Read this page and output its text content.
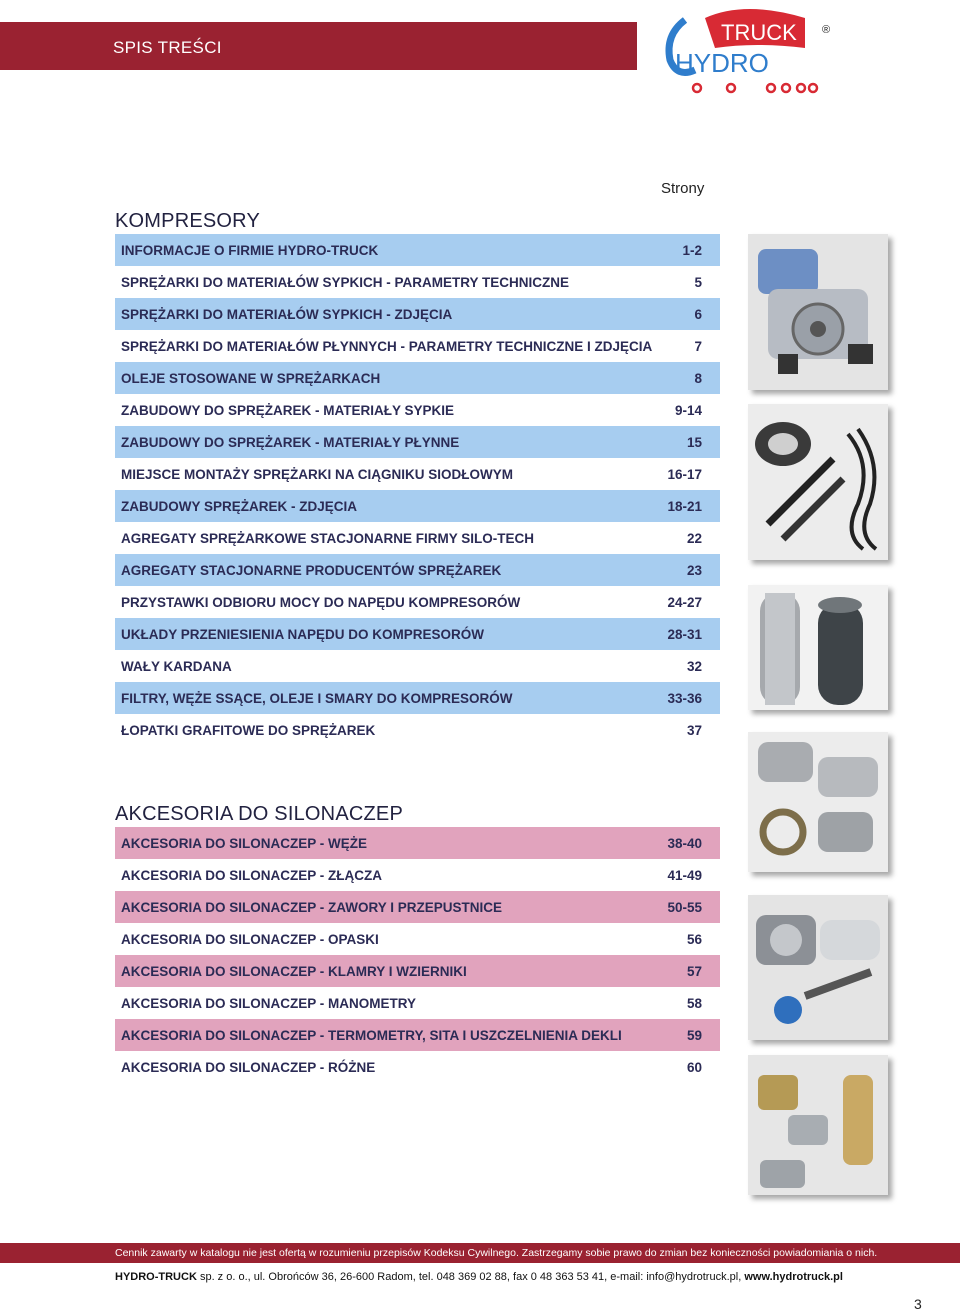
SPIS TREŚCI
TRUCK ®
HYDRO
Strony
KOMPRESORY
INFORMACJE O FIRMIE HYDRO-TRUCK	1-2
SPRĘŻARKI DO MATERIAŁÓW SYPKICH - PARAMETRY TECHNICZNE	5
SPRĘŻARKI DO MATERIAŁÓW SYPKICH - ZDJĘCIA	6
SPRĘŻARKI DO MATERIAŁÓW PŁYNNYCH - PARAMETRY TECHNICZNE I ZDJĘCIA	7
OLEJE STOSOWANE W SPRĘŻARKACH	8
ZABUDOWY DO SPRĘŻAREK - MATERIAŁY SYPKIE	9-14
ZABUDOWY DO SPRĘŻAREK - MATERIAŁY PŁYNNE	15
MIEJSCE MONTAŻY SPRĘŻARKI NA CIĄGNIKU SIODŁOWYM	16-17
ZABUDOWY SPRĘŻAREK - ZDJĘCIA	18-21
AGREGATY SPRĘŻARKOWE STACJONARNE FIRMY SILO-TECH	22
AGREGATY STACJONARNE PRODUCENTÓW SPRĘŻAREK	23
PRZYSTAWKI ODBIORU MOCY DO NAPĘDU KOMPRESORÓW	24-27
UKŁADY PRZENIESIENIA NAPĘDU DO KOMPRESORÓW	28-31
WAŁY KARDANA	32
FILTRY, WĘŻE SSĄCE, OLEJE I SMARY DO KOMPRESORÓW	33-36
ŁOPATKI GRAFITOWE DO SPRĘŻAREK	37
AKCESORIA DO SILONACZEP
AKCESORIA DO SILONACZEP - WĘŻE	38-40
AKCESORIA DO SILONACZEP - ZŁĄCZA	41-49
AKCESORIA DO SILONACZEP - ZAWORY I PRZEPUSTNICE	50-55
AKCESORIA DO SILONACZEP - OPASKI	56
AKCESORIA DO SILONACZEP - KLAMRY I WZIERNIKI	57
AKCESORIA DO SILONACZEP - MANOMETRY	58
AKCESORIA DO SILONACZEP - TERMOMETRY, SITA I USZCZELNIENIA DEKLI	59
AKCESORIA DO SILONACZEP - RÓŻNE	60
Cennik zawarty w katalogu nie jest ofertą w rozumieniu przepisów Kodeksu Cywilnego. Zastrzegamy sobie prawo do zmian bez konieczności powiadomiania o nich.
HYDRO-TRUCK sp. z o. o., ul. Obrońców 36, 26-600 Radom, tel. 048 369 02 88, fax 0 48 363 53 41, e-mail: info@hydrotruck.pl, www.hydrotruck.pl
3
